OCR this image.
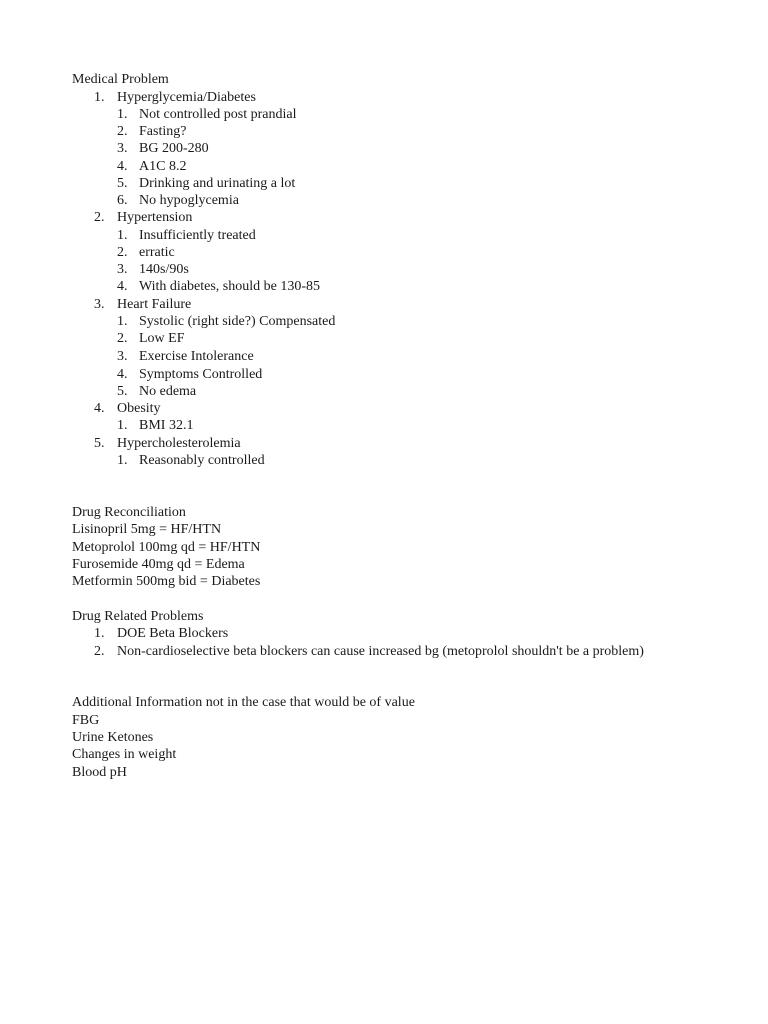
Medical Problem
1. Hyperglycemia/Diabetes
1. Not controlled post prandial
2. Fasting?
3. BG 200-280
4. A1C 8.2
5. Drinking and urinating a lot
6. No hypoglycemia
2. Hypertension
1. Insufficiently treated
2. erratic
3. 140s/90s
4. With diabetes, should be 130-85
3. Heart Failure
1. Systolic (right side?) Compensated
2. Low EF
3. Exercise Intolerance
4. Symptoms Controlled
5. No edema
4. Obesity
1. BMI 32.1
5. Hypercholesterolemia
1. Reasonably controlled
Drug Reconciliation
Lisinopril 5mg = HF/HTN
Metoprolol 100mg qd = HF/HTN
Furosemide 40mg qd = Edema
Metformin 500mg bid = Diabetes
Drug Related Problems
1. DOE Beta Blockers
2. Non-cardioselective beta blockers can cause increased bg (metoprolol shouldn't be a problem)
Additional Information not in the case that would be of value
FBG
Urine Ketones
Changes in weight
Blood pH
